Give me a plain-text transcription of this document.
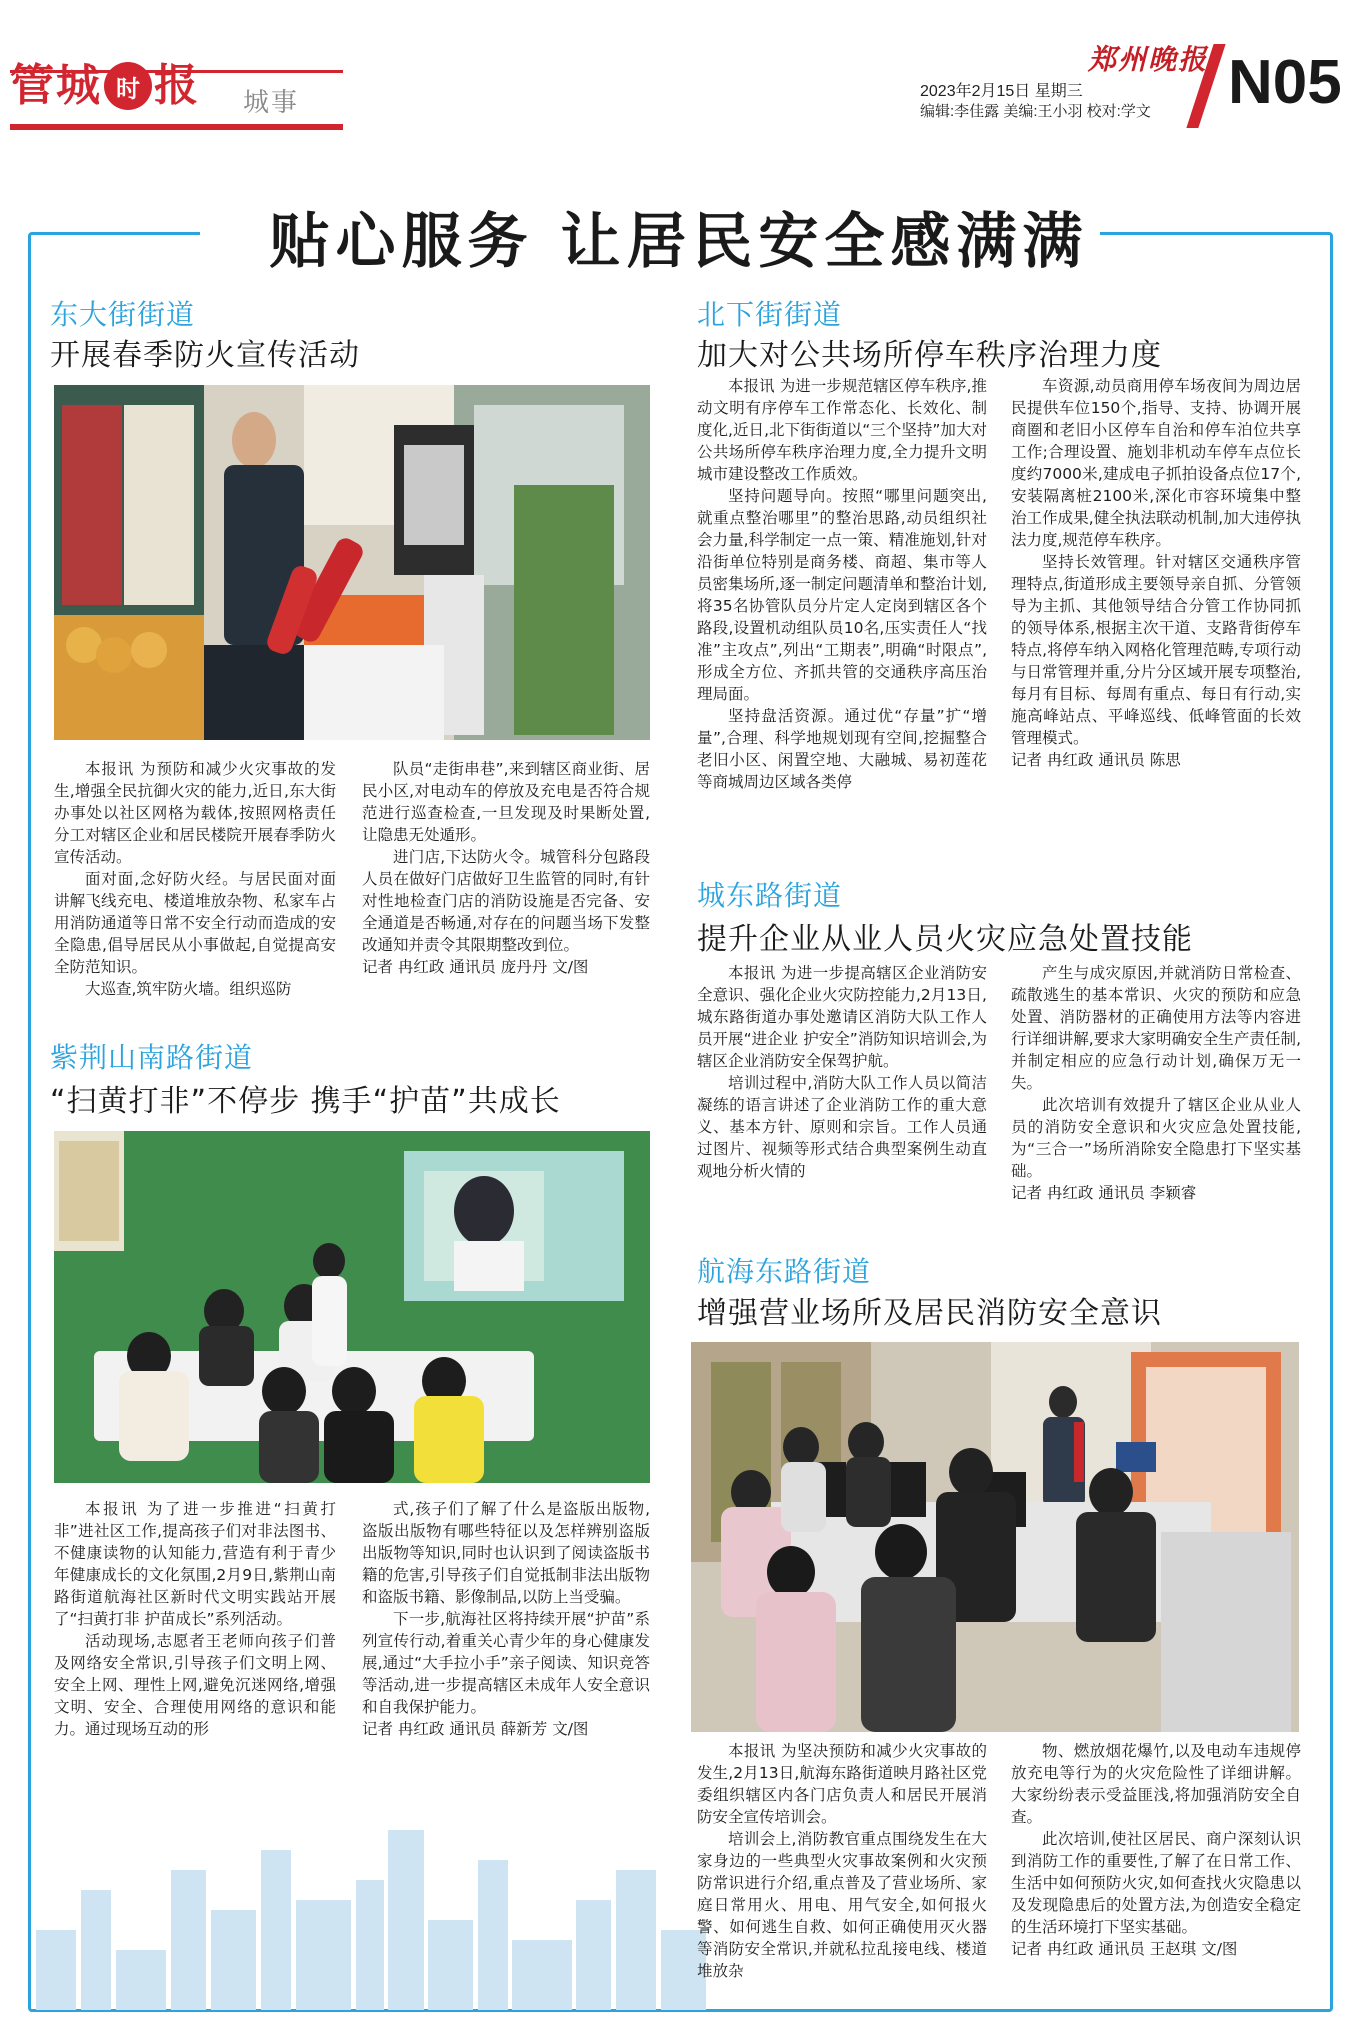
管城 时 报 城事
郑州晚报
2023年2月15日 星期三
编辑:李佳露 美编:王小羽 校对:学文 N05
贴心服务 让居民安全感满满
东大街街道
开展春季防火宣传活动

本报讯 为预防和减少火灾事故的发生,增强全民抗御火灾的能力,近日,东大街办事处以社区网格为载体,按照网格责任分工对辖区企业和居民楼院开展春季防火宣传活动。

面对面,念好防火经。与居民面对面讲解飞线充电、楼道堆放杂物、私家车占用消防通道等日常不安全行动而造成的安全隐患,倡导居民从小事做起,自觉提高安全防范知识。

大巡查,筑牢防火墙。组织巡防

队员“走街串巷”,来到辖区商业街、居民小区,对电动车的停放及充电是否符合规范进行巡查检查,一旦发现及时果断处置,让隐患无处遁形。

进门店,下达防火令。城管科分包路段人员在做好门店做好卫生监管的同时,有针对性地检查门店的消防设施是否完备、安全通道是否畅通,对存在的问题当场下发整改通知并责令其限期整改到位。

记者 冉红政 通讯员 庞丹丹 文/图

紫荆山南路街道
“扫黄打非”不停步 携手“护苗”共成长

本报讯 为了进一步推进“扫黄打非”进社区工作,提高孩子们对非法图书、不健康读物的认知能力,营造有利于青少年健康成长的文化氛围,2月9日,紫荆山南路街道航海社区新时代文明实践站开展了“扫黄打非 护苗成长”系列活动。

活动现场,志愿者王老师向孩子们普及网络安全常识,引导孩子们文明上网、安全上网、理性上网,避免沉迷网络,增强文明、安全、合理使用网络的意识和能力。通过现场互动的形

式,孩子们了解了什么是盗版出版物,盗版出版物有哪些特征以及怎样辨别盗版出版物等知识,同时也认识到了阅读盗版书籍的危害,引导孩子们自觉抵制非法出版物和盗版书籍、影像制品,以防上当受骗。

下一步,航海社区将持续开展“护苗”系列宣传行动,着重关心青少年的身心健康发展,通过“大手拉小手”亲子阅读、知识竞答等活动,进一步提高辖区未成年人安全意识和自我保护能力。

记者 冉红政 通讯员 薛新芳 文/图

北下街街道
加大对公共场所停车秩序治理力度

本报讯 为进一步规范辖区停车秩序,推动文明有序停车工作常态化、长效化、制度化,近日,北下街街道以“三个坚持”加大对公共场所停车秩序治理力度,全力提升文明城市建设整改工作质效。

坚持问题导向。按照“哪里问题突出,就重点整治哪里”的整治思路,动员组织社会力量,科学制定一点一策、精准施划,针对沿街单位特别是商务楼、商超、集市等人员密集场所,逐一制定问题清单和整治计划,将35名协管队员分片定人定岗到辖区各个路段,设置机动组队员10名,压实责任人“找准”主攻点”,列出“工期表”,明确“时限点”,形成全方位、齐抓共管的交通秩序高压治理局面。

坚持盘活资源。通过优“存量”扩“增量”,合理、科学地规划现有空间,挖掘整合老旧小区、闲置空地、大融城、易初莲花等商城周边区域各类停

车资源,动员商用停车场夜间为周边居民提供车位150个,指导、支持、协调开展商圈和老旧小区停车自治和停车泊位共享工作;合理设置、施划非机动车停车点位长度约7000米,建成电子抓拍设备点位17个,安装隔离桩2100米,深化市容环境集中整治工作成果,健全执法联动机制,加大违停执法力度,规范停车秩序。

坚持长效管理。针对辖区交通秩序管理特点,街道形成主要领导亲自抓、分管领导为主抓、其他领导结合分管工作协同抓的领导体系,根据主次干道、支路背街停车特点,将停车纳入网格化管理范畴,专项行动与日常管理并重,分片分区域开展专项整治,每月有目标、每周有重点、每日有行动,实施高峰站点、平峰巡线、低峰管面的长效管理模式。

记者 冉红政 通讯员 陈思

城东路街道
提升企业从业人员火灾应急处置技能

本报讯 为进一步提高辖区企业消防安全意识、强化企业火灾防控能力,2月13日,城东路街道办事处邀请区消防大队工作人员开展“进企业 护安全”消防知识培训会,为辖区企业消防安全保驾护航。

培训过程中,消防大队工作人员以简洁凝练的语言讲述了企业消防工作的重大意义、基本方针、原则和宗旨。工作人员通过图片、视频等形式结合典型案例生动直观地分析火情的

产生与成灾原因,并就消防日常检查、疏散逃生的基本常识、火灾的预防和应急处置、消防器材的正确使用方法等内容进行详细讲解,要求大家明确安全生产责任制,并制定相应的应急行动计划,确保万无一失。

此次培训有效提升了辖区企业从业人员的消防安全意识和火灾应急处置技能,为“三合一”场所消除安全隐患打下坚实基础。

记者 冉红政 通讯员 李颖睿

航海东路街道
增强营业场所及居民消防安全意识

本报讯 为坚决预防和减少火灾事故的发生,2月13日,航海东路街道映月路社区党委组织辖区内各门店负责人和居民开展消防安全宣传培训会。

培训会上,消防教官重点围绕发生在大家身边的一些典型火灾事故案例和火灾预防常识进行介绍,重点普及了营业场所、家庭日常用火、用电、用气安全,如何报火警、如何逃生自救、如何正确使用灭火器等消防安全常识,并就私拉乱接电线、楼道堆放杂

物、燃放烟花爆竹,以及电动车违规停放充电等行为的火灾危险性了详细讲解。大家纷纷表示受益匪浅,将加强消防安全自查。

此次培训,使社区居民、商户深刻认识到消防工作的重要性,了解了在日常工作、生活中如何预防火灾,如何查找火灾隐患以及发现隐患后的处置方法,为创造安全稳定的生活环境打下坚实基础。

记者 冉红政 通讯员 王赵琪 文/图
